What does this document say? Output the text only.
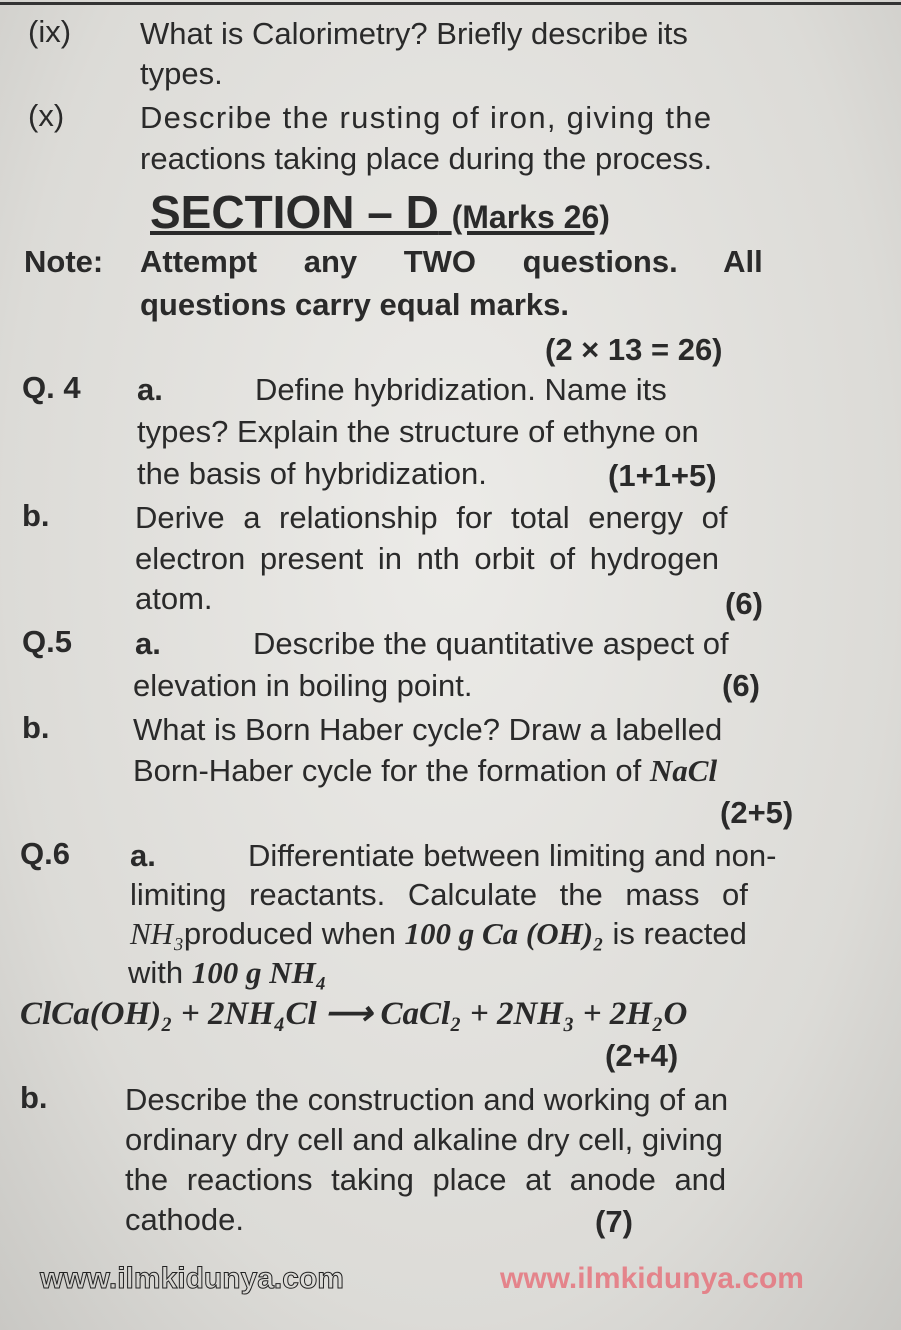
(ix) What is Calorimetry? Briefly describe its
types.
(x) Describe the rusting of iron, giving the
reactions taking place during the process.
SECTION – D (Marks 26)
Note: Attempt any TWO questions. All
questions carry equal marks.
(2 × 13 = 26)
Q. 4 a.	Define hybridization. Name its
types? Explain the structure of ethyne on
the basis of hybridization.	(1+1+5)
b.	Derive a relationship for total energy of
electron present in nth orbit of hydrogen
atom.	(6)
Q.5 a.	Describe the quantitative aspect of
elevation in boiling point.	(6)
b.	What is Born Haber cycle? Draw a labelled
Born-Haber cycle for the formation of NaCl
(2+5)
Q.6 a.	Differentiate between limiting and non-
limiting reactants. Calculate the mass of
NH₃produced when 100 g Ca (OH)₂ is reacted
with 100 g NH₄
ClCa(OH)₂ + 2NH₄Cl ⟶ CaCl₂ + 2NH₃ + 2H₂O
(2+4)
b. Describe the construction and working of an
ordinary dry cell and alkaline dry cell, giving
the reactions taking place at anode and
cathode.	(7)
www.ilmkidunya.com	www.ilmkidunya.com
